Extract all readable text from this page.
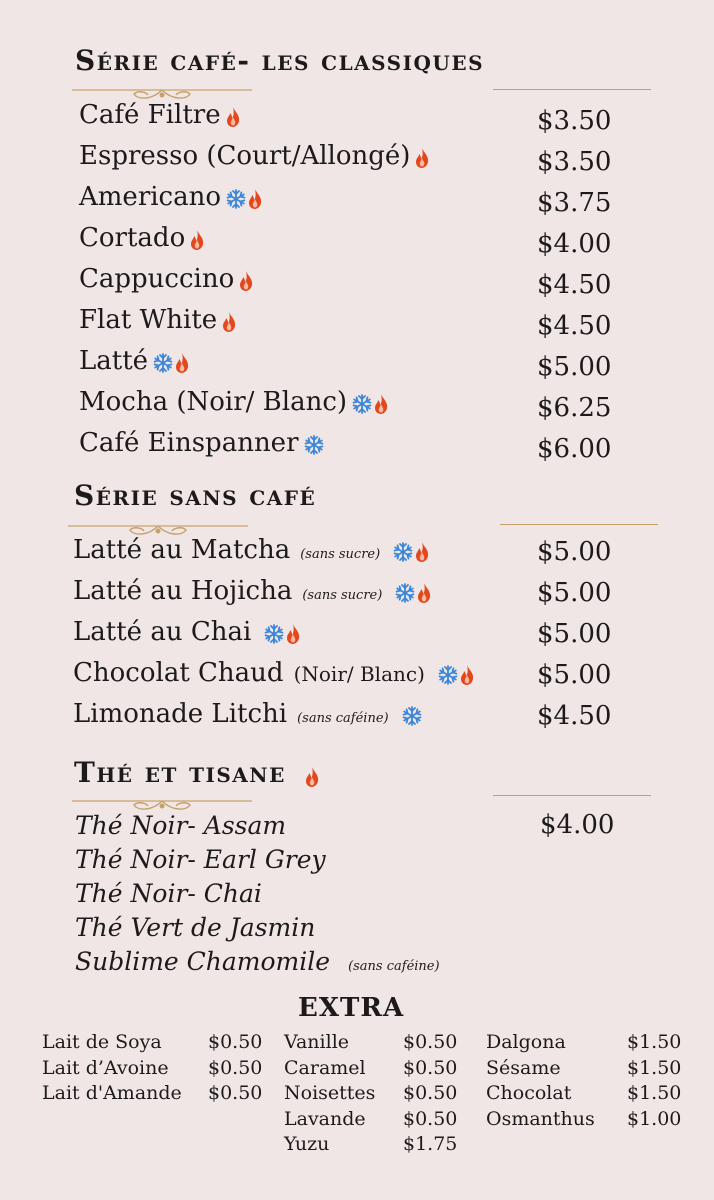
Série café- les classiques
Café Filtre	$3.50
Espresso (Court/Allongé)	$3.50
Americano	$3.75
Cortado	$4.00
Cappuccino	$4.50
Flat White	$4.50
Latté	$5.00
Mocha (Noir/ Blanc)	$6.25
Café Einspanner	$6.00
Série sans café
Latté au Matcha (sans sucre)	$5.00
Latté au Hojicha (sans sucre)	$5.00
Latté au Chai	$5.00
Chocolat Chaud (Noir/ Blanc)	$5.00
Limonade Litchi (sans caféine)	$4.50
Thé et tisane
$4.00
Thé Noir- Assam
Thé Noir- Earl Grey
Thé Noir- Chai
Thé Vert de Jasmin
Sublime Chamomile (sans caféine)
EXTRA
Lait de Soya $0.50
Lait d’Avoine $0.50
Lait d'Amande $0.50
Vanille	$0.50
Caramel $0.50
Noisettes $0.50
Lavande $0.50
Yuzu	$1.75
Dalgona	$1.50
Sésame	$1.50
Chocolat	$1.50
Osmanthus $1.00
